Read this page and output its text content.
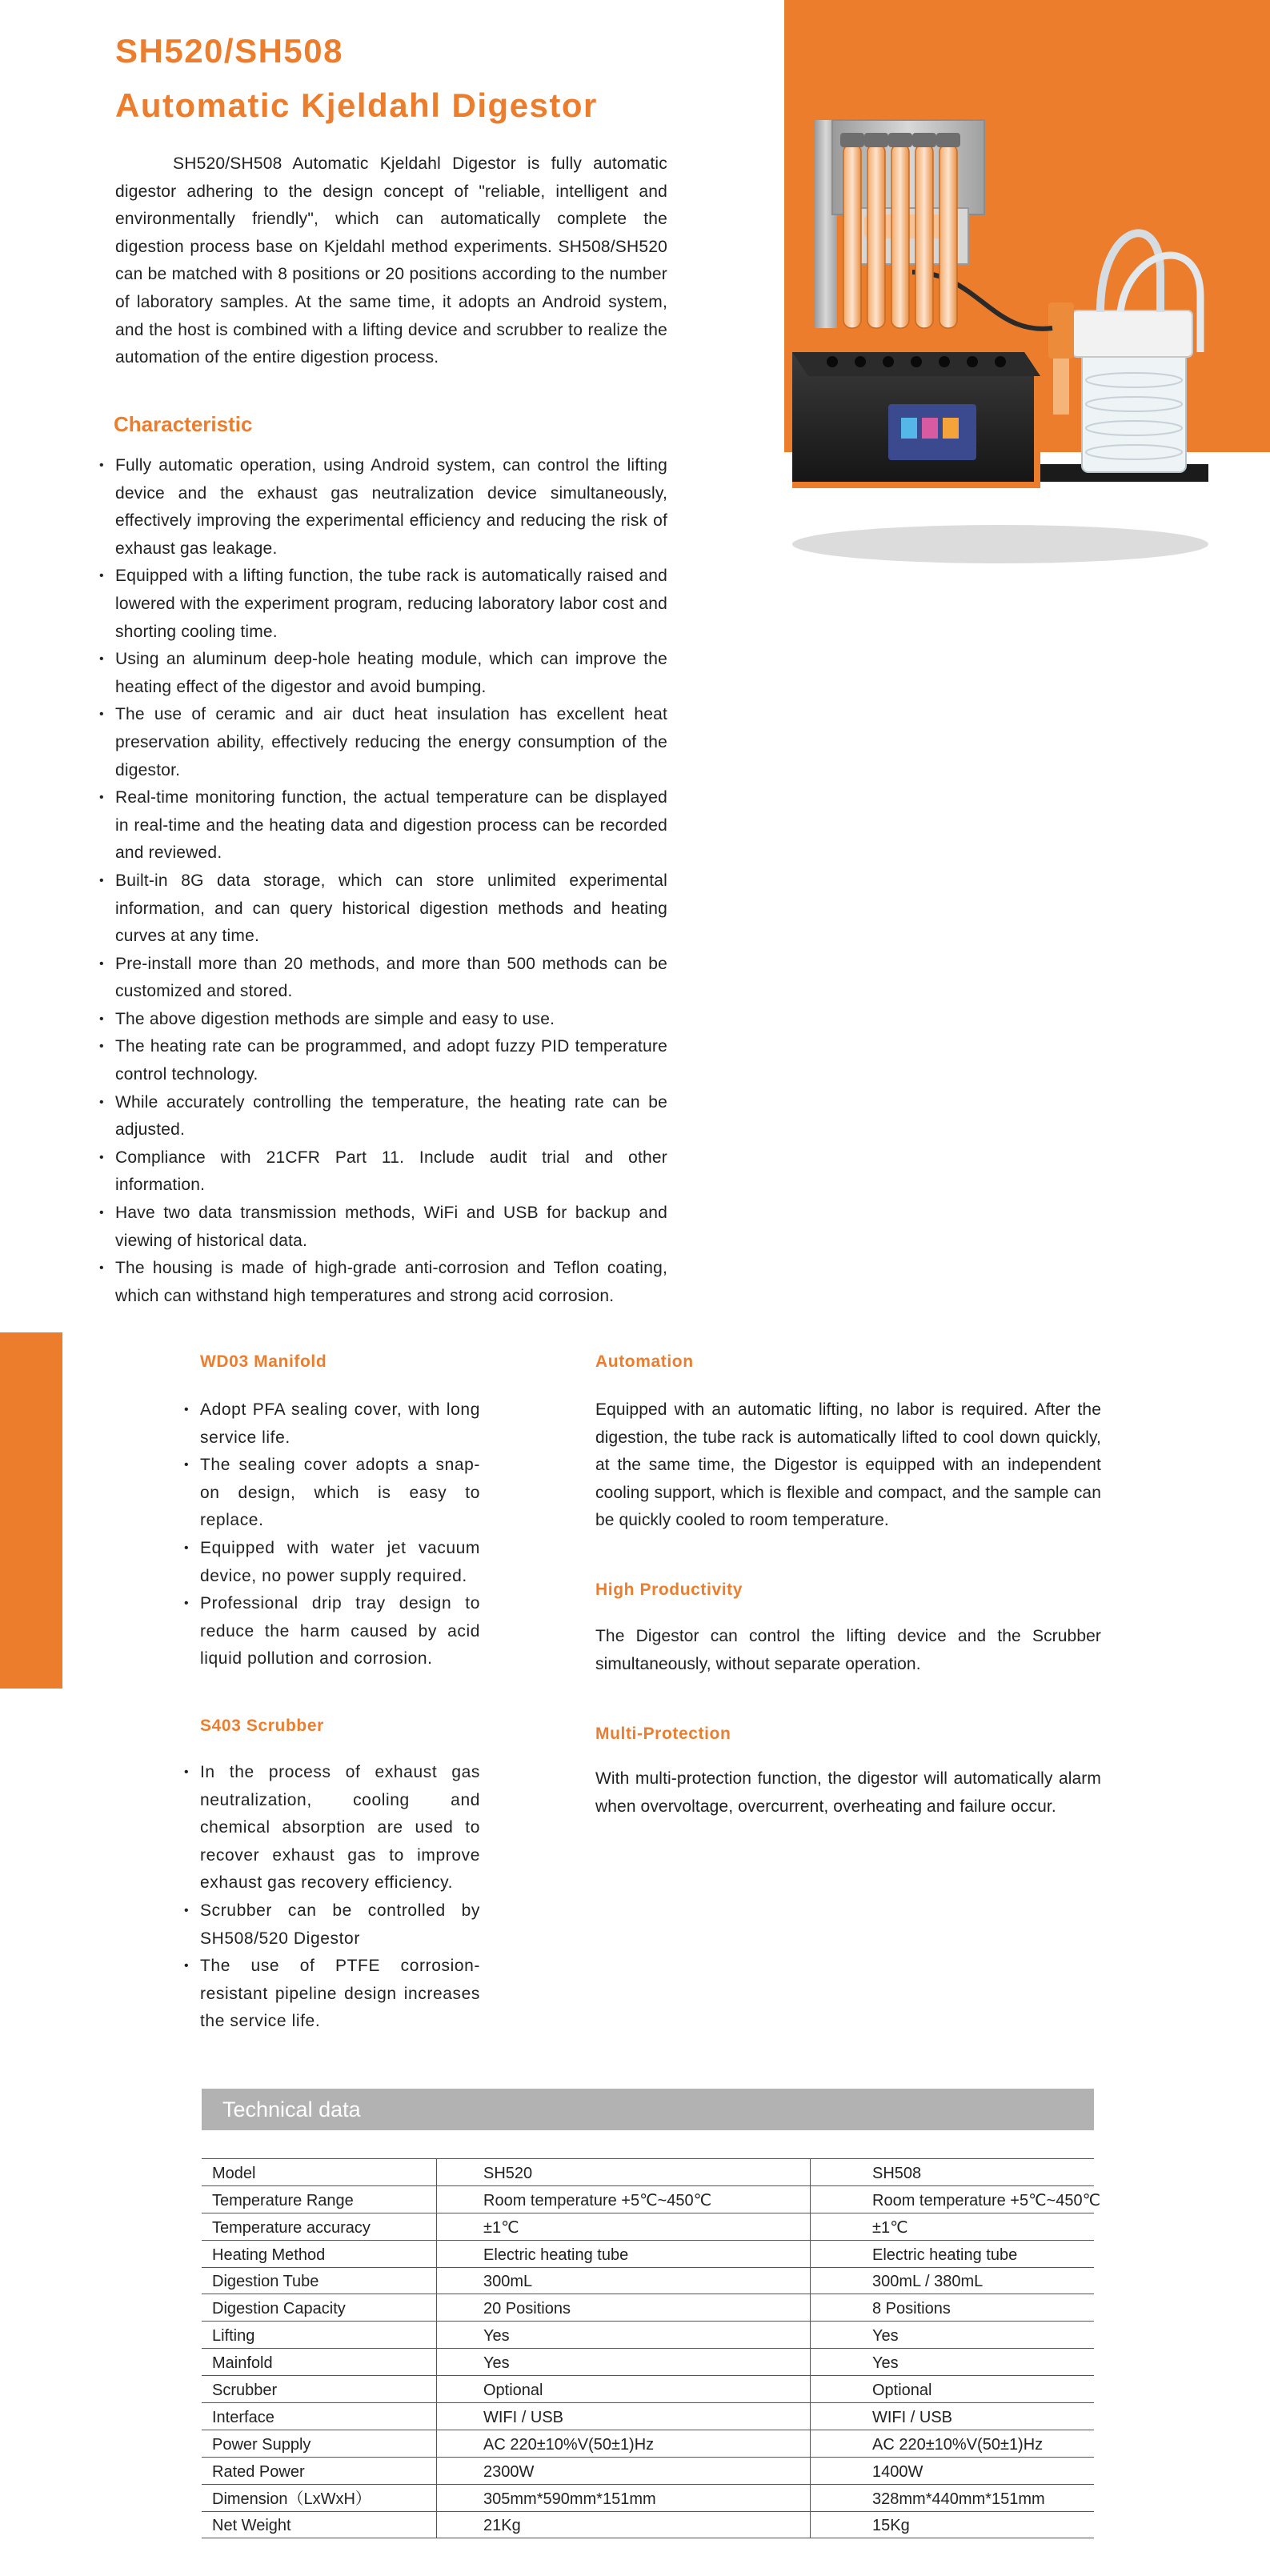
SH520/SH508
Automatic Kjeldahl Digestor

SH520/SH508 Automatic Kjeldahl Digestor is fully automatic digestor adhering to the design concept of "reliable, intelligent and environmentally friendly", which can automatically complete the digestion process base on Kjeldahl method experiments. SH508/SH520 can be matched with 8 positions or 20 positions according to the number of laboratory samples. At the same time, it adopts an Android system, and the host is combined with a lifting device and scrubber to realize the automation of the entire digestion process.

Characteristic
• Fully automatic operation, using Android system, can control the lifting device and the exhaust gas neutralization device simultaneously, effectively improving the experimental efficiency and reducing the risk of exhaust gas leakage.
• Equipped with a lifting function, the tube rack is automatically raised and lowered with the experiment program, reducing laboratory labor cost and shorting cooling time.
• Using an aluminum deep-hole heating module, which can improve the heating effect of the digestor and avoid bumping.
• The use of ceramic and air duct heat insulation has excellent heat preservation ability, effectively reducing the energy consumption of the digestor.
• Real-time monitoring function, the actual temperature can be displayed in real-time and the heating data and digestion process can be recorded and reviewed.
• Built-in 8G data storage, which can store unlimited experimental information, and can query historical digestion methods and heating curves at any time.
• Pre-install more than 20 methods, and more than 500 methods can be customized and stored.
• The above digestion methods are simple and easy to use.
• The heating rate can be programmed, and adopt fuzzy PID temperature control technology.
• While accurately controlling the temperature, the heating rate can be adjusted.
• Compliance with 21CFR Part 11. Include audit trial and other information.
• Have two data transmission methods, WiFi and USB for backup and viewing of historical data.
• The housing is made of high-grade anti-corrosion and Teflon coating, which can withstand high temperatures and strong acid corrosion.
WD03 Manifold
• Adopt PFA sealing cover, with long service life.
• The sealing cover adopts a snap-on design, which is easy to replace.
• Equipped with water jet vacuum device, no power supply required.
• Professional drip tray design to reduce the harm caused by acid liquid pollution and corrosion.
S403 Scrubber
• In the process of exhaust gas neutralization, cooling and chemical absorption are used to recover exhaust gas to improve exhaust gas recovery efficiency.
• Scrubber can be controlled by SH508/520 Digestor
• The use of PTFE corrosion-resistant pipeline design increases the service life.
Automation

Equipped with an automatic lifting, no labor is required. After the digestion, the tube rack is automatically lifted to cool down quickly, at the same time, the Digestor is equipped with an independent cooling support, which is flexible and compact, and the sample can be quickly cooled to room temperature.

High Productivity

The Digestor can control the lifting device and the Scrubber simultaneously, without separate operation.

Multi-Protection

With multi-protection function, the digestor will automatically alarm when overvoltage, overcurrent, overheating and failure occur.

Technical data
Model	SH520	SH508
Temperature Range	Room temperature +5℃~450℃	Room temperature +5℃~450℃
Temperature accuracy	±1℃	±1℃
Heating Method	Electric heating tube	Electric heating tube
Digestion Tube	300mL	300mL / 380mL
Digestion Capacity	20 Positions	8 Positions
Lifting	Yes	Yes
Mainfold	Yes	Yes
Scrubber	Optional	Optional
Interface	WIFI / USB	WIFI / USB
Power Supply	AC 220±10%V(50±1)Hz	AC 220±10%V(50±1)Hz
Rated Power	2300W	1400W
Dimension（LxWxH）	305mm*590mm*151mm	328mm*440mm*151mm
Net Weight	21Kg	15Kg
